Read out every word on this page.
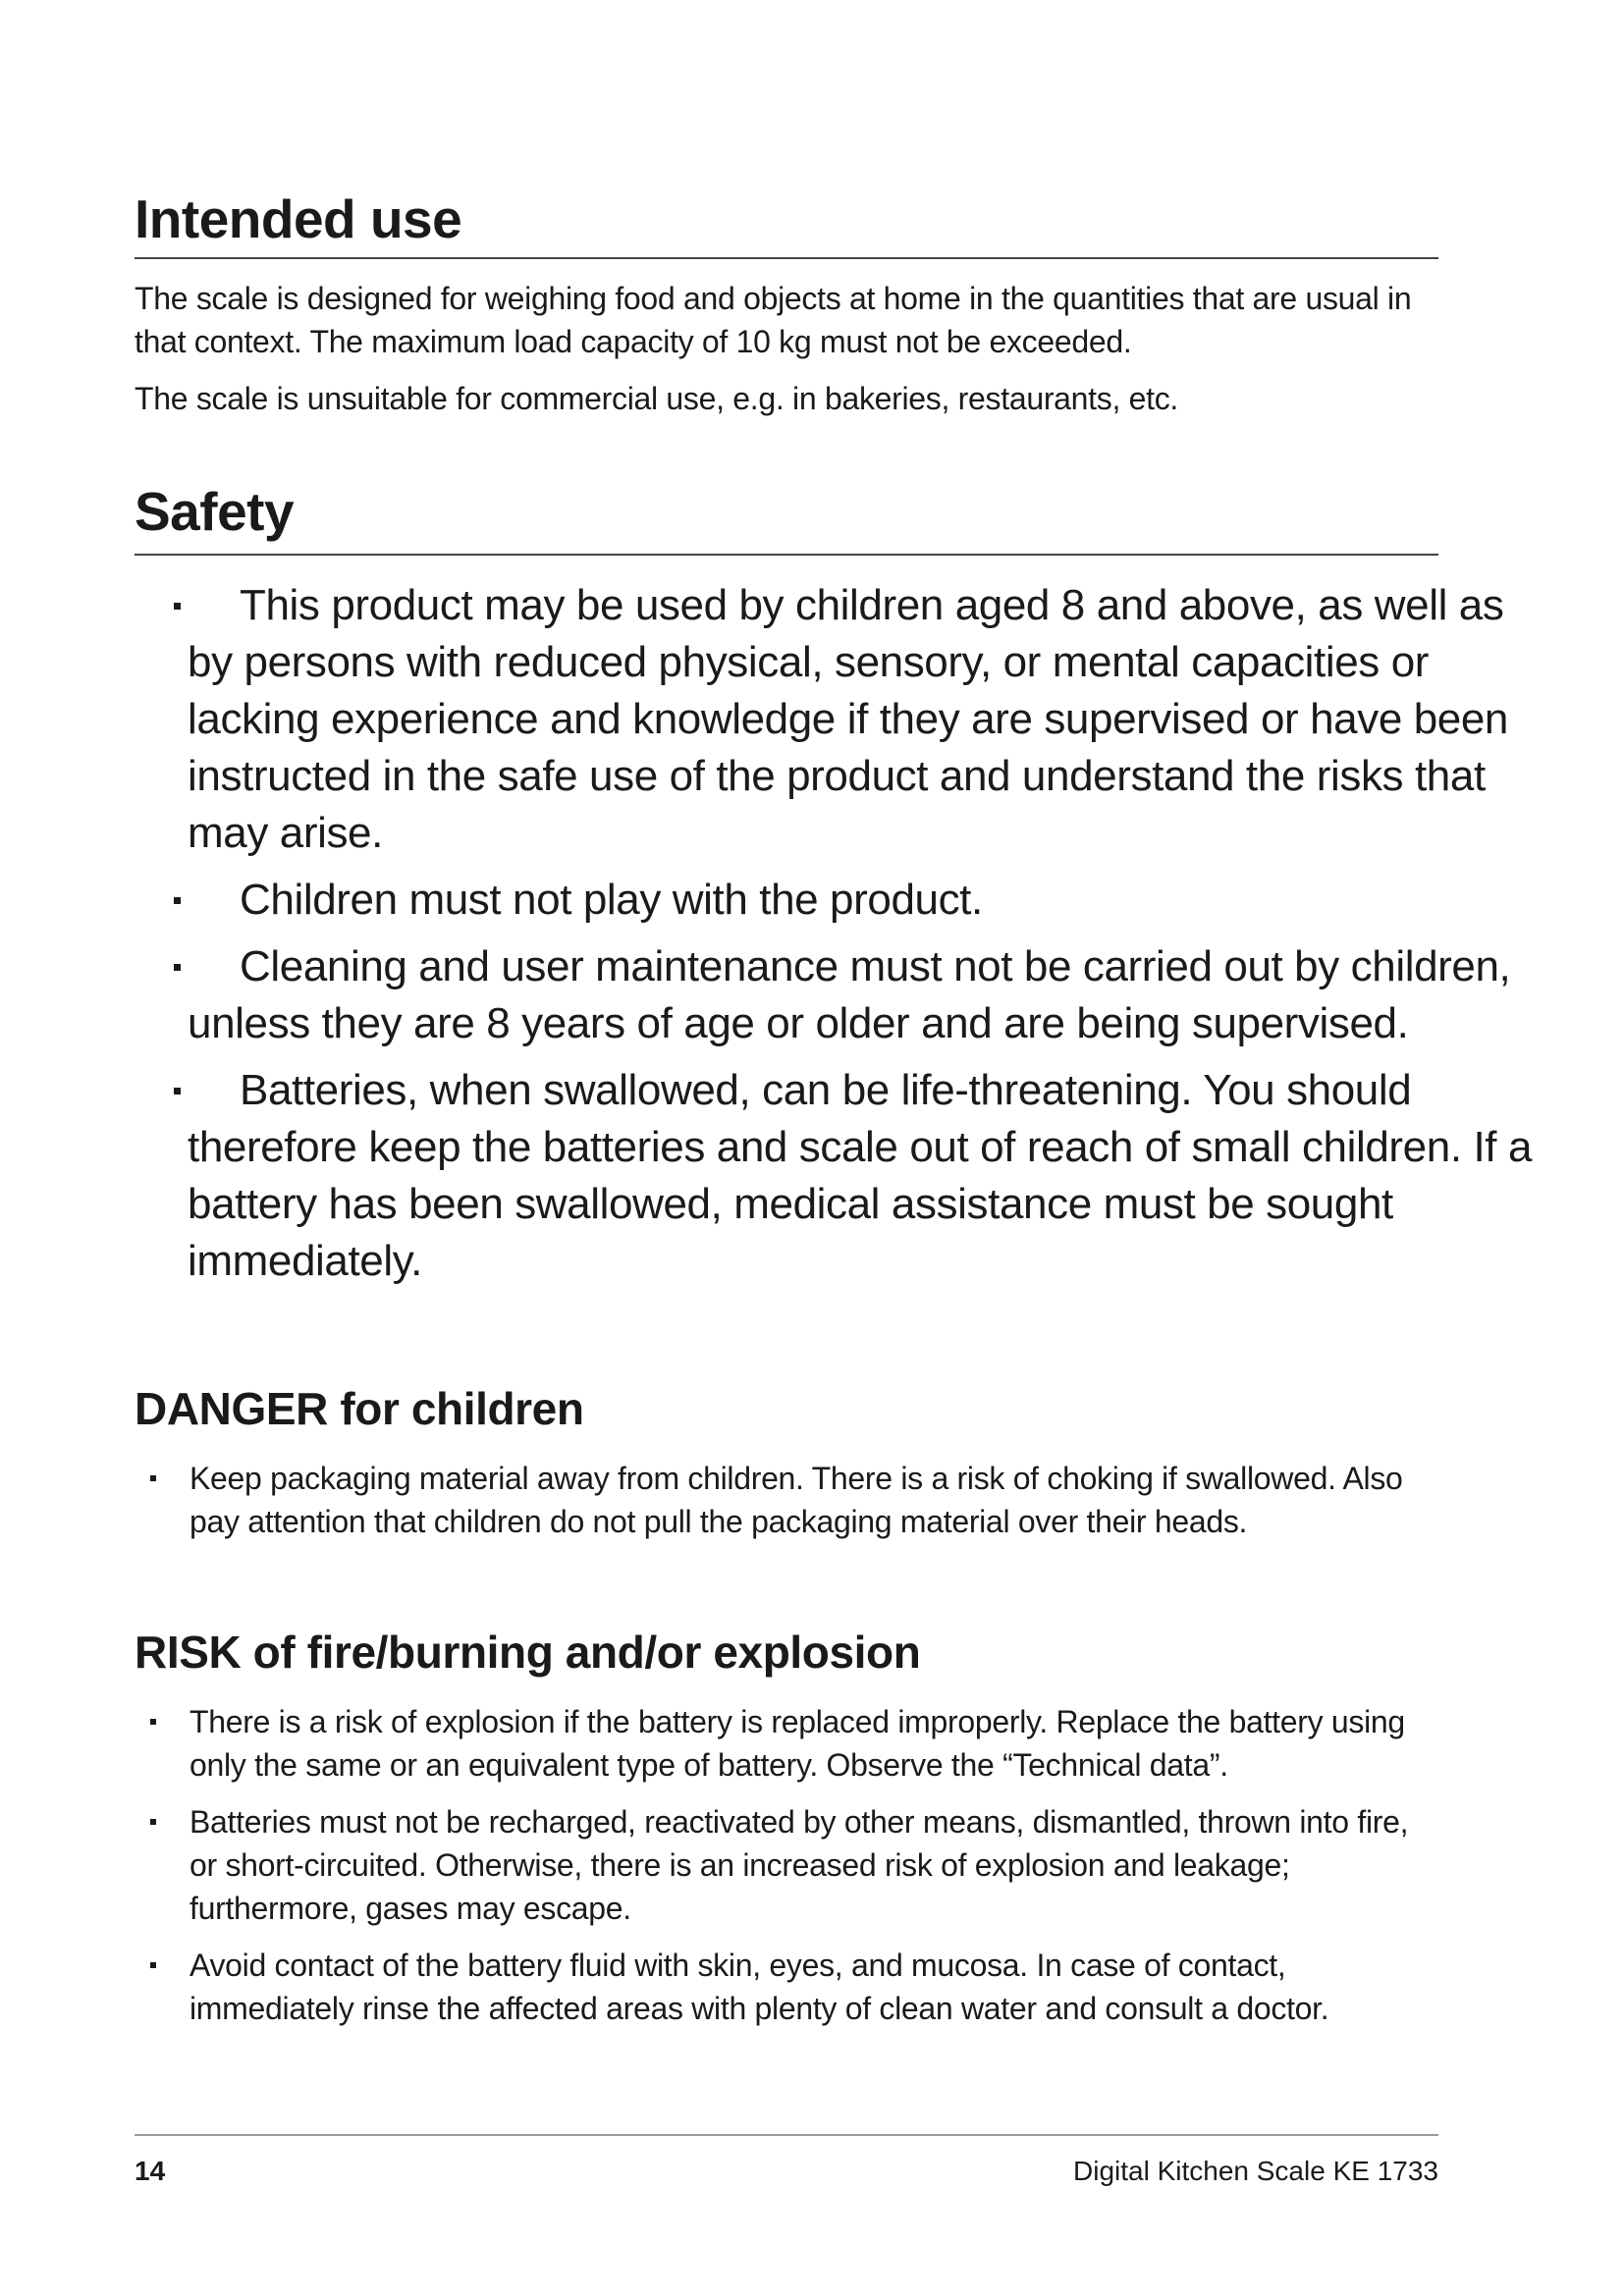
Intended use

The scale is designed for weighing food and objects at home in the quantities that are usual in that context. The maximum load capacity of 10 kg must not be exceeded.

The scale is unsuitable for commercial use, e.g. in bakeries, restaurants, etc.

Safety
This product may be used by children aged 8 and above, as well as by persons with reduced physical, sensory, or mental capacities or lacking experience and knowledge if they are supervised or have been instructed in the safe use of the product and understand the risks that may arise.
Children must not play with the product.
Cleaning and user maintenance must not be carried out by children, unless they are 8 years of age or older and are being supervised.
Batteries, when swallowed, can be life-threatening. You should therefore keep the batteries and scale out of reach of small children. If a battery has been swallowed, medical assistance must be sought immediately.
DANGER for children
Keep packaging material away from children. There is a risk of choking if swallowed. Also pay attention that children do not pull the packaging material over their heads.
RISK of fire/burning and/or explosion
There is a risk of explosion if the battery is replaced improperly. Replace the battery using only the same or an equivalent type of battery. Observe the “Technical data”.
Batteries must not be recharged, reactivated by other means, dismantled, thrown into fire, or short-circuited. Otherwise, there is an increased risk of explosion and leakage; furthermore, gases may escape.
Avoid contact of the battery fluid with skin, eyes, and mucosa. In case of contact, immediately rinse the affected areas with plenty of clean water and consult a doctor.
14	Digital Kitchen Scale KE 1733
